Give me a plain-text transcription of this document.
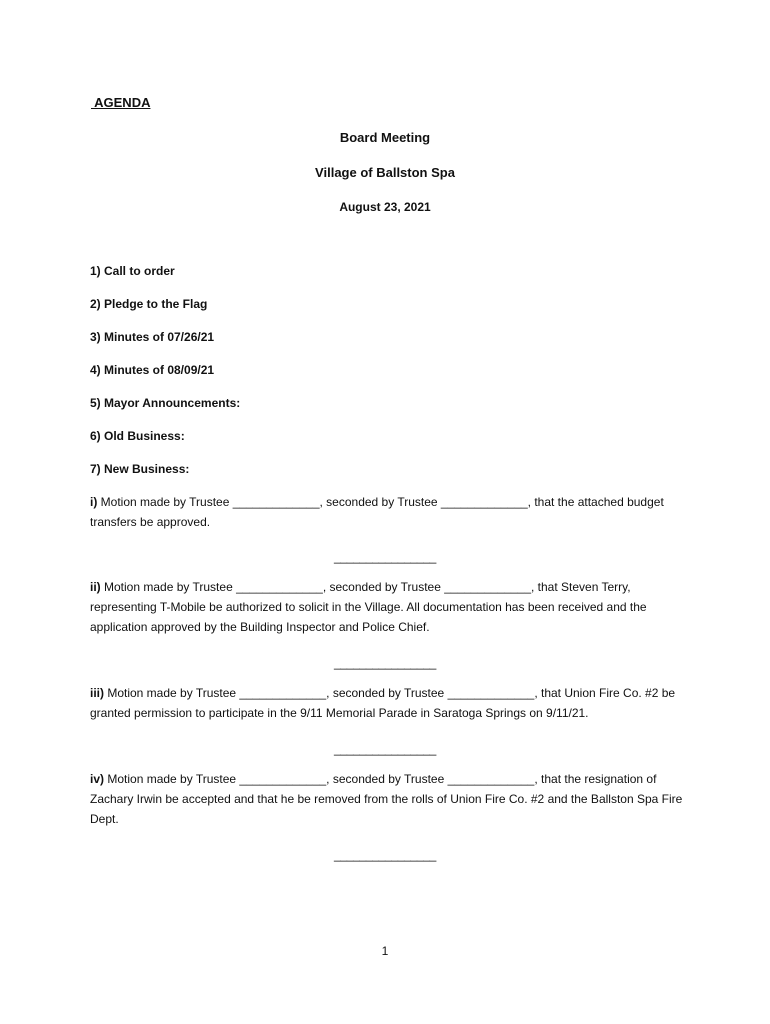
AGENDA
Board Meeting
Village of Ballston Spa
August 23, 2021
1) Call to order
2) Pledge to the Flag
3) Minutes of 07/26/21
4) Minutes of 08/09/21
5) Mayor Announcements:
6) Old Business:
7) New Business:
i) Motion made by Trustee _____________, seconded by Trustee _____________, that the attached budget transfers be approved.
________________
ii) Motion made by Trustee _____________, seconded by Trustee _____________, that Steven Terry, representing T-Mobile be authorized to solicit in the Village. All documentation has been received and the application approved by the Building Inspector and Police Chief.
________________
iii) Motion made by Trustee _____________, seconded by Trustee _____________, that Union Fire Co. #2 be granted permission to participate in the 9/11 Memorial Parade in Saratoga Springs on 9/11/21.
________________
iv) Motion made by Trustee _____________, seconded by Trustee _____________, that the resignation of Zachary Irwin be accepted and that he be removed from the rolls of Union Fire Co. #2 and the Ballston Spa Fire Dept.
________________
1
